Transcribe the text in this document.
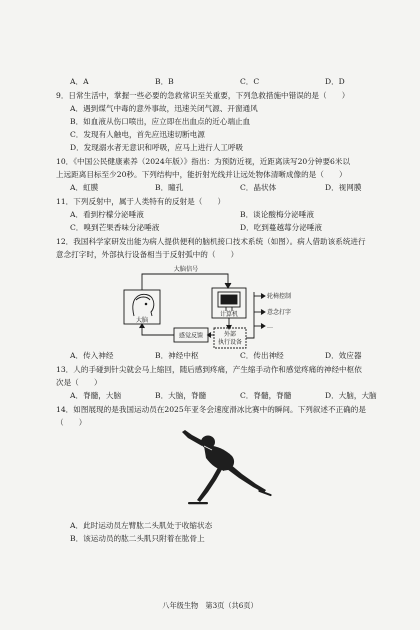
A．A	B．B	C．C	D．D
9．日常生活中，掌握一些必要的急救常识至关重要，下列急救措施中错误的是（　　）
A．遇到煤气中毒的意外事故，迅速关闭气源、开窗通风
B．如血液从伤口喷出，应立即在出血点的近心端止血
C．发现有人触电，首先应迅速切断电源
D．发现溺水者无意识和呼吸，应马上进行人工呼吸
10．《中国公民健康素养（2024年版）》指出：为预防近视，近距离读写20分钟要6米以
上远距离目标至少20秒。下列结构中，能折射光线并让远处物体清晰成像的是（　　）
A．虹膜	B．瞳孔	C．晶状体	D．视网膜
11．下列反射中，属于人类特有的反射是（　　）
A．看到柠檬分泌唾液	B．谈论酸梅分泌唾液
C．嗅到芒果香味分泌唾液	D．吃到蔓越莓分泌唾液
12．我国科学家研发出能为病人提供便利的脑机接口技术系统（如图）。病人借助该系统进行
意念打字时，外部执行设备相当于反射弧中的（　　）
大脑信号
大脑
计算机
感觉反馈	外部
执行设备
轮椅控制
意念打字
…
A．传入神经	B．神经中枢	C．传出神经	D．效应器
13．人的手碰到针尖就会马上缩回，随后感到疼痛，产生缩手动作和感觉疼痛的神经中枢依
次是（　　）
A．脊髓，大脑	B．大脑，脊髓	C．脊髓，脊髓	D．大脑，大脑
14．如图展现的是我国运动员在2025年亚冬会速度滑冰比赛中的瞬间。下列叙述不正确的是
（　　）
A．此时运动员左臂肱二头肌处于收缩状态
B．该运动员的肱二头肌只附着在肱骨上
八年级生物　第3页（共6页）
